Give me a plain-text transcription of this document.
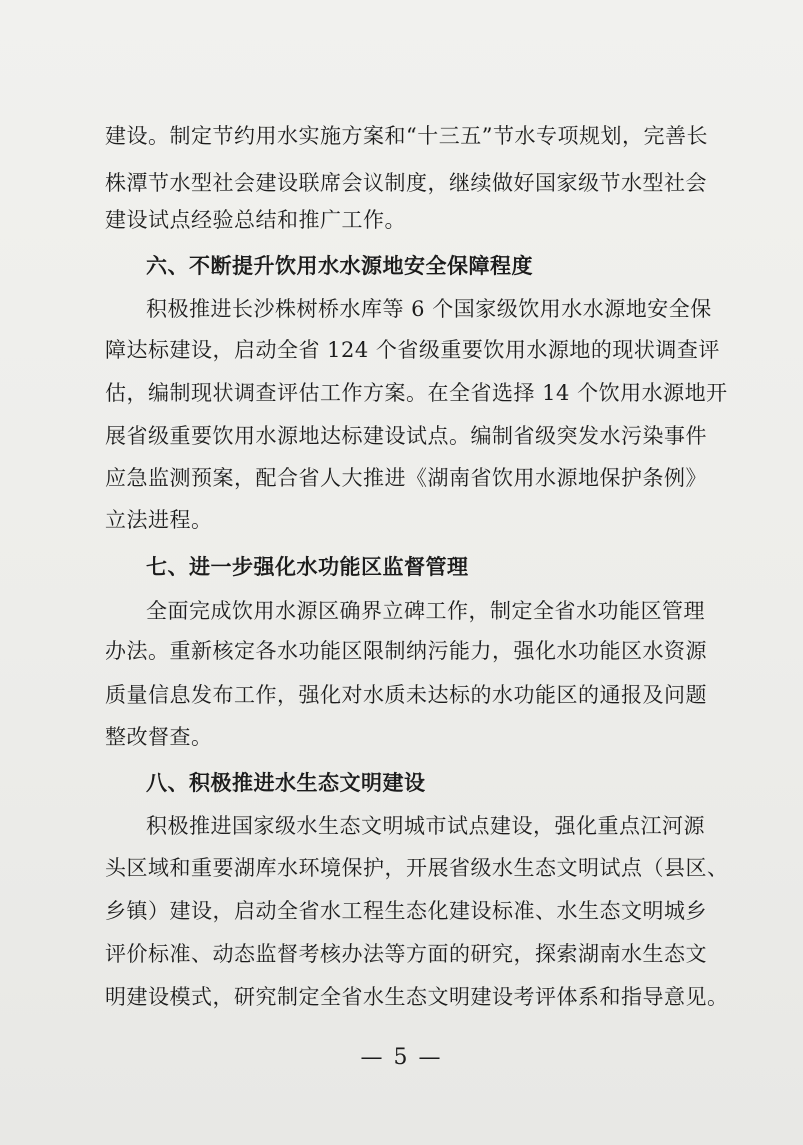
建设。制定节约用水实施方案和“十三五”节水专项规划，完善长
株潭节水型社会建设联席会议制度，继续做好国家级节水型社会
建设试点经验总结和推广工作。
六、不断提升饮用水水源地安全保障程度
积极推进长沙株树桥水库等 6 个国家级饮用水水源地安全保
障达标建设，启动全省 124 个省级重要饮用水源地的现状调查评
估，编制现状调查评估工作方案。在全省选择 14 个饮用水源地开
展省级重要饮用水源地达标建设试点。编制省级突发水污染事件
应急监测预案，配合省人大推进《湖南省饮用水源地保护条例》
立法进程。
七、进一步强化水功能区监督管理
全面完成饮用水源区确界立碑工作，制定全省水功能区管理
办法。重新核定各水功能区限制纳污能力，强化水功能区水资源
质量信息发布工作，强化对水质未达标的水功能区的通报及问题
整改督查。
八、积极推进水生态文明建设
积极推进国家级水生态文明城市试点建设，强化重点江河源
头区域和重要湖库水环境保护，开展省级水生态文明试点（县区、
乡镇）建设，启动全省水工程生态化建设标准、水生态文明城乡
评价标准、动态监督考核办法等方面的研究，探索湖南水生态文
明建设模式，研究制定全省水生态文明建设考评体系和指导意见。
— 5 —
